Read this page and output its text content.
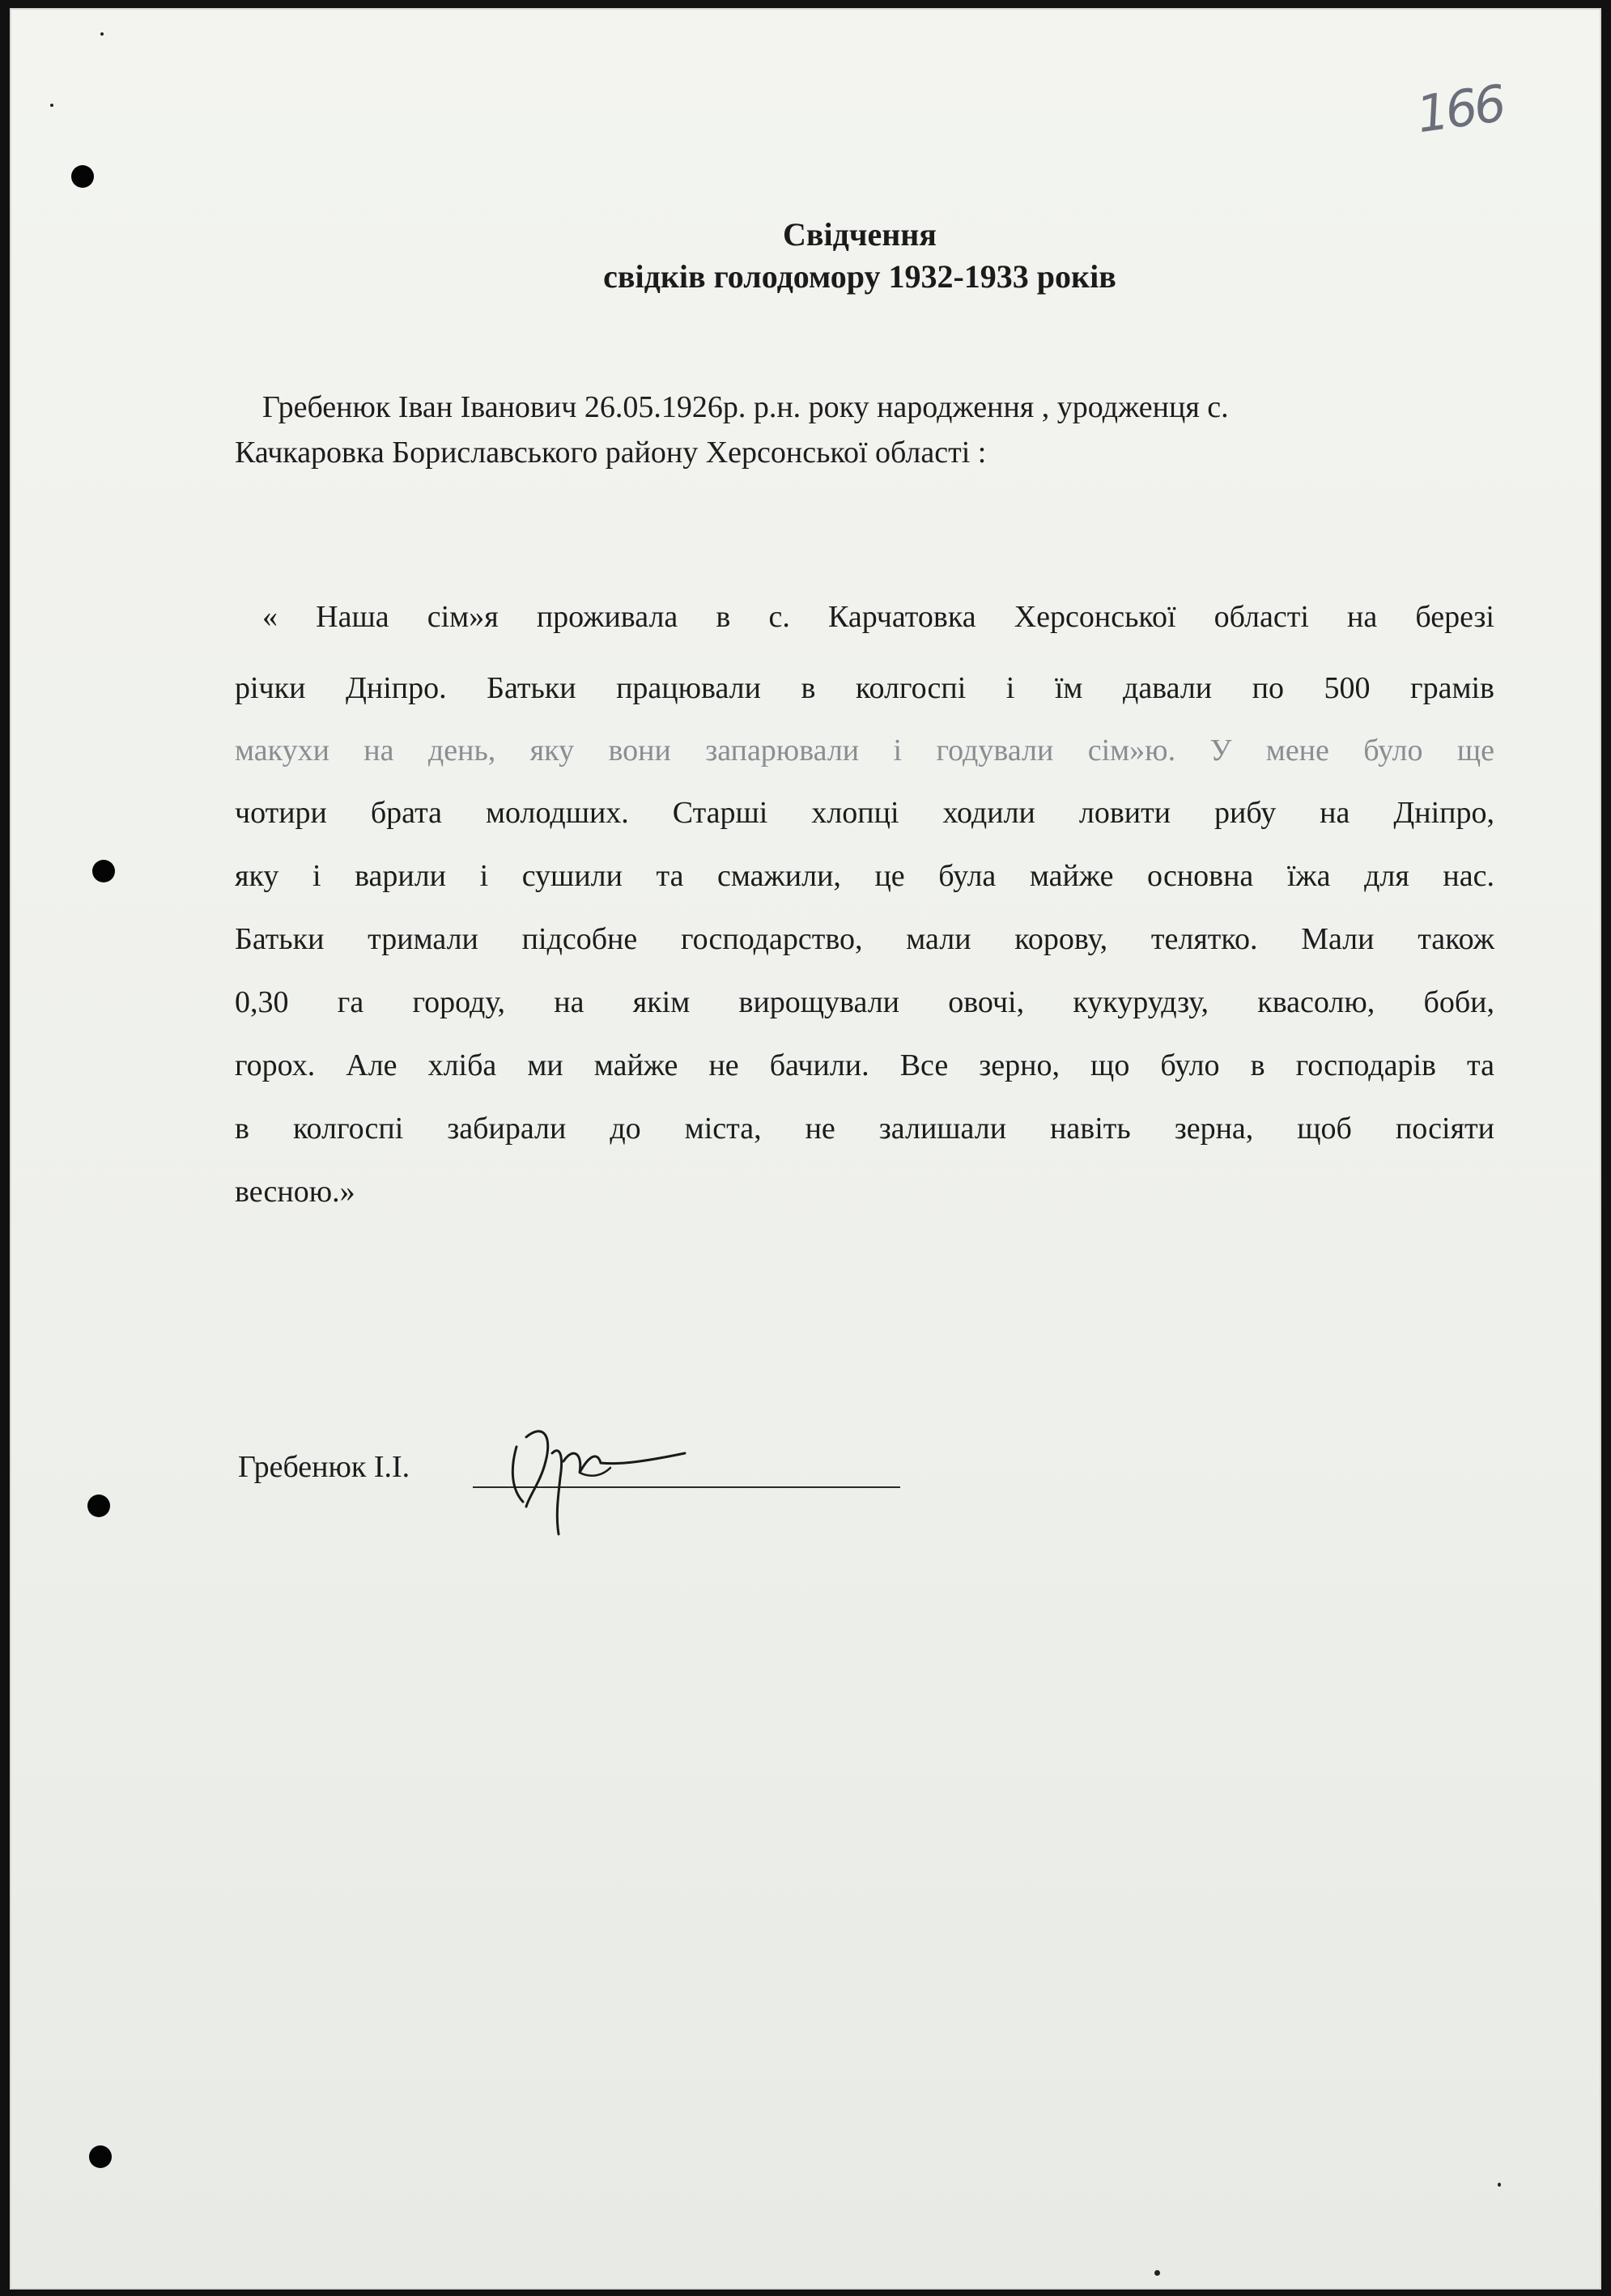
166
Свідчення
свідків голодомору 1932-1933 років
Гребенюк Іван Іванович 26.05.1926р. р.н. року народження , уродженця с.
Качкаровка Бориславського району Херсонської області :
« Наша сім»я проживала в с. Карчатовка Херсонської області на березі
річки Дніпро. Батьки працювали в колгоспі і їм давали по 500 грамів
макухи на день, яку вони запарювали і годували сім»ю. У мене було ще
чотири брата молодших. Старші хлопці ходили ловити рибу на Дніпро,
яку і варили і сушили та смажили, це була майже основна їжа для нас.
Батьки тримали підсобне господарство, мали корову, телятко. Мали також
0,30 га городу, на якім вирощували овочі, кукурудзу, квасолю, боби,
горох. Але хліба ми майже не бачили. Все зерно, що було в господарів та
в колгоспі забирали до міста, не залишали навіть зерна, щоб посіяти
весною.»
Гребенюк І.І.
